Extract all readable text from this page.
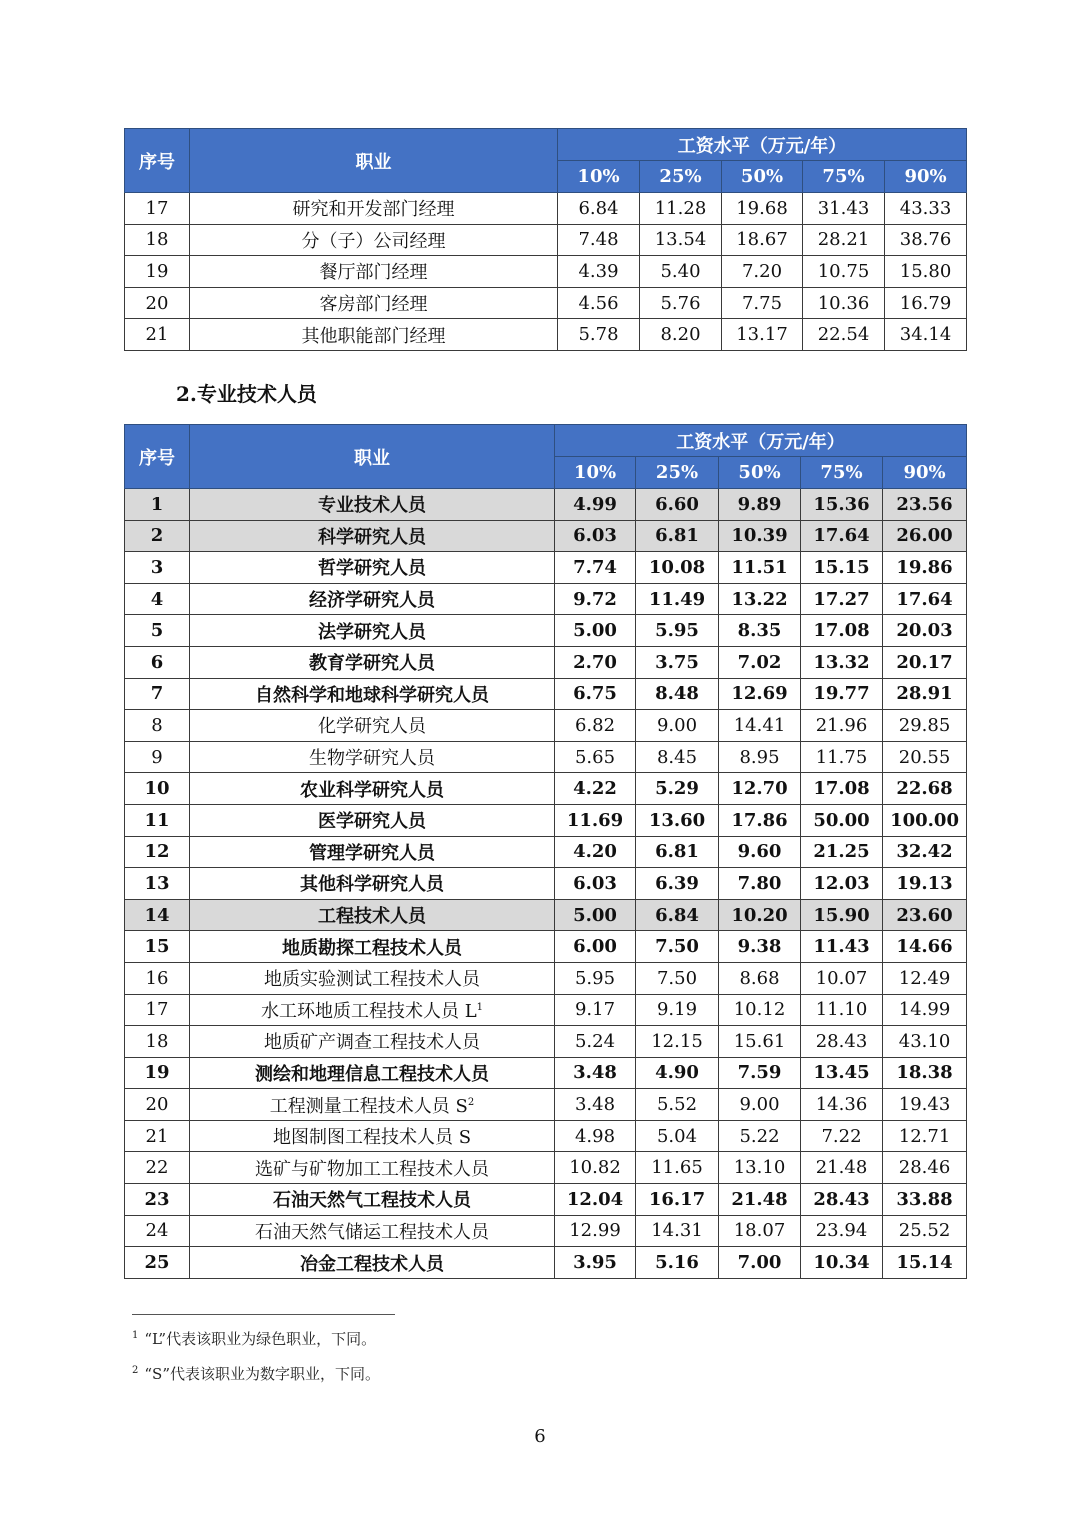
序号	职业	工资水平（万元/年）				
		10%	25%	50%	75%	90%
17	研究和开发部门经理	6.84	11.28	19.68	31.43	43.33
18	分（子）公司经理	7.48	13.54	18.67	28.21	38.76
19	餐厅部门经理	4.39	5.40	7.20	10.75	15.80
20	客房部门经理	4.56	5.76	7.75	10.36	16.79
21	其他职能部门经理	5.78	8.20	13.17	22.54	34.14
2.专业技术人员
序号	职业	工资水平（万元/年）				
		10%	25%	50%	75%	90%
1	专业技术人员	4.99	6.60	9.89	15.36	23.56
2	科学研究人员	6.03	6.81	10.39	17.64	26.00
3	哲学研究人员	7.74	10.08	11.51	15.15	19.86
4	经济学研究人员	9.72	11.49	13.22	17.27	17.64
5	法学研究人员	5.00	5.95	8.35	17.08	20.03
6	教育学研究人员	2.70	3.75	7.02	13.32	20.17
7	自然科学和地球科学研究人员	6.75	8.48	12.69	19.77	28.91
8	化学研究人员	6.82	9.00	14.41	21.96	29.85
9	生物学研究人员	5.65	8.45	8.95	11.75	20.55
10	农业科学研究人员	4.22	5.29	12.70	17.08	22.68
11	医学研究人员	11.69	13.60	17.86	50.00	100.00
12	管理学研究人员	4.20	6.81	9.60	21.25	32.42
13	其他科学研究人员	6.03	6.39	7.80	12.03	19.13
14	工程技术人员	5.00	6.84	10.20	15.90	23.60
15	地质勘探工程技术人员	6.00	7.50	9.38	11.43	14.66
16	地质实验测试工程技术人员	5.95	7.50	8.68	10.07	12.49
17	水工环地质工程技术人员 $L^1$	9.17	9.19	10.12	11.10	14.99
18	地质矿产调查工程技术人员	5.24	12.15	15.61	28.43	43.10
19	测绘和地理信息工程技术人员	3.48	4.90	7.59	13.45	18.38
20	工程测量工程技术人员 $S^2$	3.48	5.52	9.00	14.36	19.43
21	地图制图工程技术人员 S	4.98	5.04	5.22	7.22	12.71
22	选矿与矿物加工工程技术人员	10.82	11.65	13.10	21.48	28.46
23	石油天然气工程技术人员	12.04	16.17	21.48	28.43	33.88
24	石油天然气储运工程技术人员	12.99	14.31	18.07	23.94	25.52
25	冶金工程技术人员	3.95	5.16	7.00	10.34	15.14
$^1$ “L”代表该职业为绿色职业，下同。
$^2$ “S”代表该职业为数字职业，下同。
6
